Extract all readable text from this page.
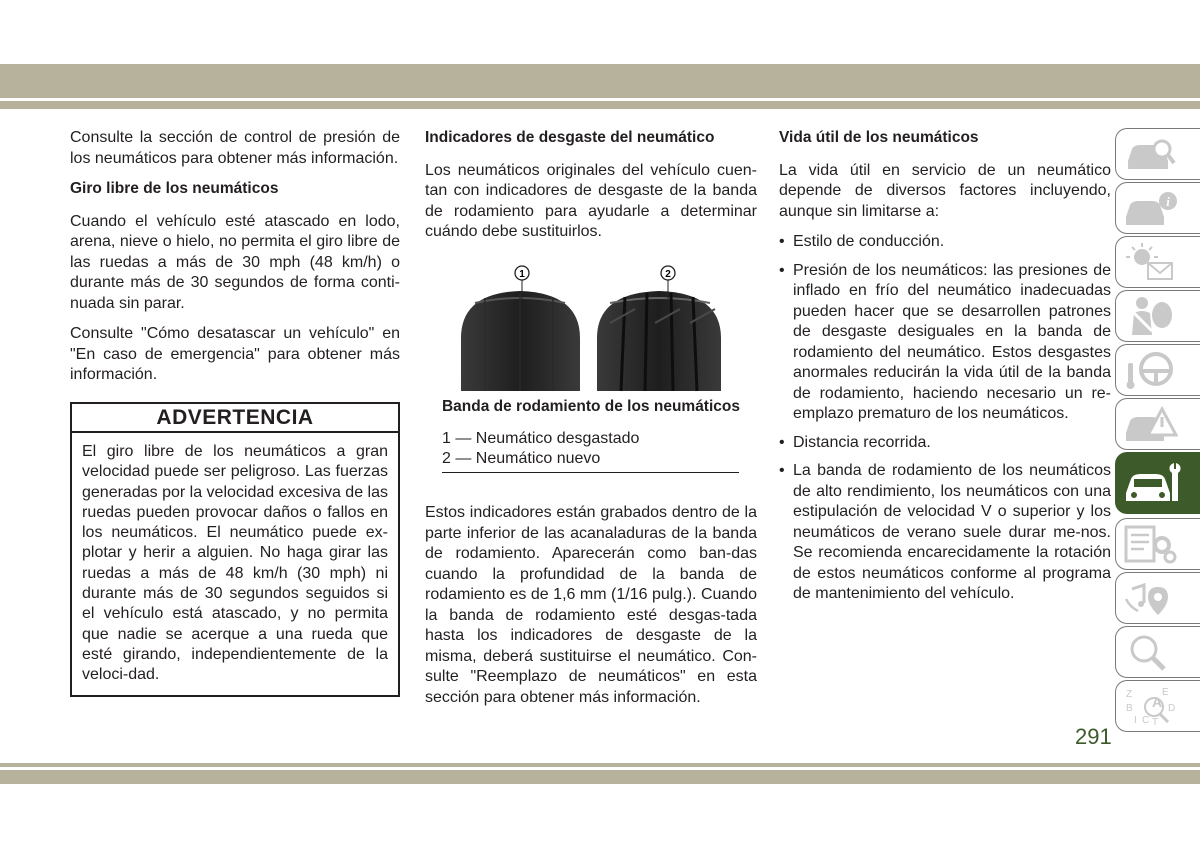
Consulte la sección de control de presión de los neumáticos para obtener más información.

Giro libre de los neumáticos

Cuando el vehículo esté atascado en lodo, arena, nieve o hielo, no permita el giro libre de las ruedas a más de 30 mph (48 km/h) o durante más de 30 segundos de forma conti-nuada sin parar.

Consulte "Cómo desatascar un vehículo" en "En caso de emergencia" para obtener más información.

ADVERTENCIA
El giro libre de los neumáticos a gran velocidad puede ser peligroso. Las fuerzas generadas por la velocidad excesiva de las ruedas pueden provocar daños o fallos en los neumáticos. El neumático puede ex-plotar y herir a alguien. No haga girar las ruedas a más de 48 km/h (30 mph) ni durante más de 30 segundos seguidos si el vehículo está atascado, y no permita que nadie se acerque a una rueda que esté girando, independientemente de la veloci-dad.
Indicadores de desgaste del neumático

Los neumáticos originales del vehículo cuen-tan con indicadores de desgaste de la banda de rodamiento para ayudarle a determinar cuándo debe sustituirlos.

1	2
Banda de rodamiento de los neumáticos
1 — Neumático desgastado
2 — Neumático nuevo

Estos indicadores están grabados dentro de la parte inferior de las acanaladuras de la banda de rodamiento. Aparecerán como ban-das cuando la profundidad de la banda de rodamiento es de 1,6 mm (1/16 pulg.). Cuando la banda de rodamiento esté desgas-tada hasta los indicadores de desgaste de la misma, deberá sustituirse el neumático. Con-sulte "Reemplazo de neumáticos" en esta sección para obtener más información.

Vida útil de los neumáticos

La vida útil en servicio de un neumático depende de diversos factores incluyendo, aunque sin limitarse a:

• Estilo de conducción.
• Presión de los neumáticos: las presiones de inflado en frío del neumático inadecuadas pueden hacer que se desarrollen patrones de desgaste desiguales en la banda de rodamiento del neumático. Estos desgastes anormales reducirán la vida útil de la banda de rodamiento, haciendo necesario un re-emplazo prematuro de los neumáticos.
• Distancia recorrida.
• La banda de rodamiento de los neumáticos de alto rendimiento, los neumáticos con una estipulación de velocidad V o superior y los neumáticos de verano suele durar me-nos. Se recomienda encarecidamente la rotación de estos neumáticos conforme al programa de mantenimiento del vehículo.
i
Z	E
B	D
I C T
A
291
